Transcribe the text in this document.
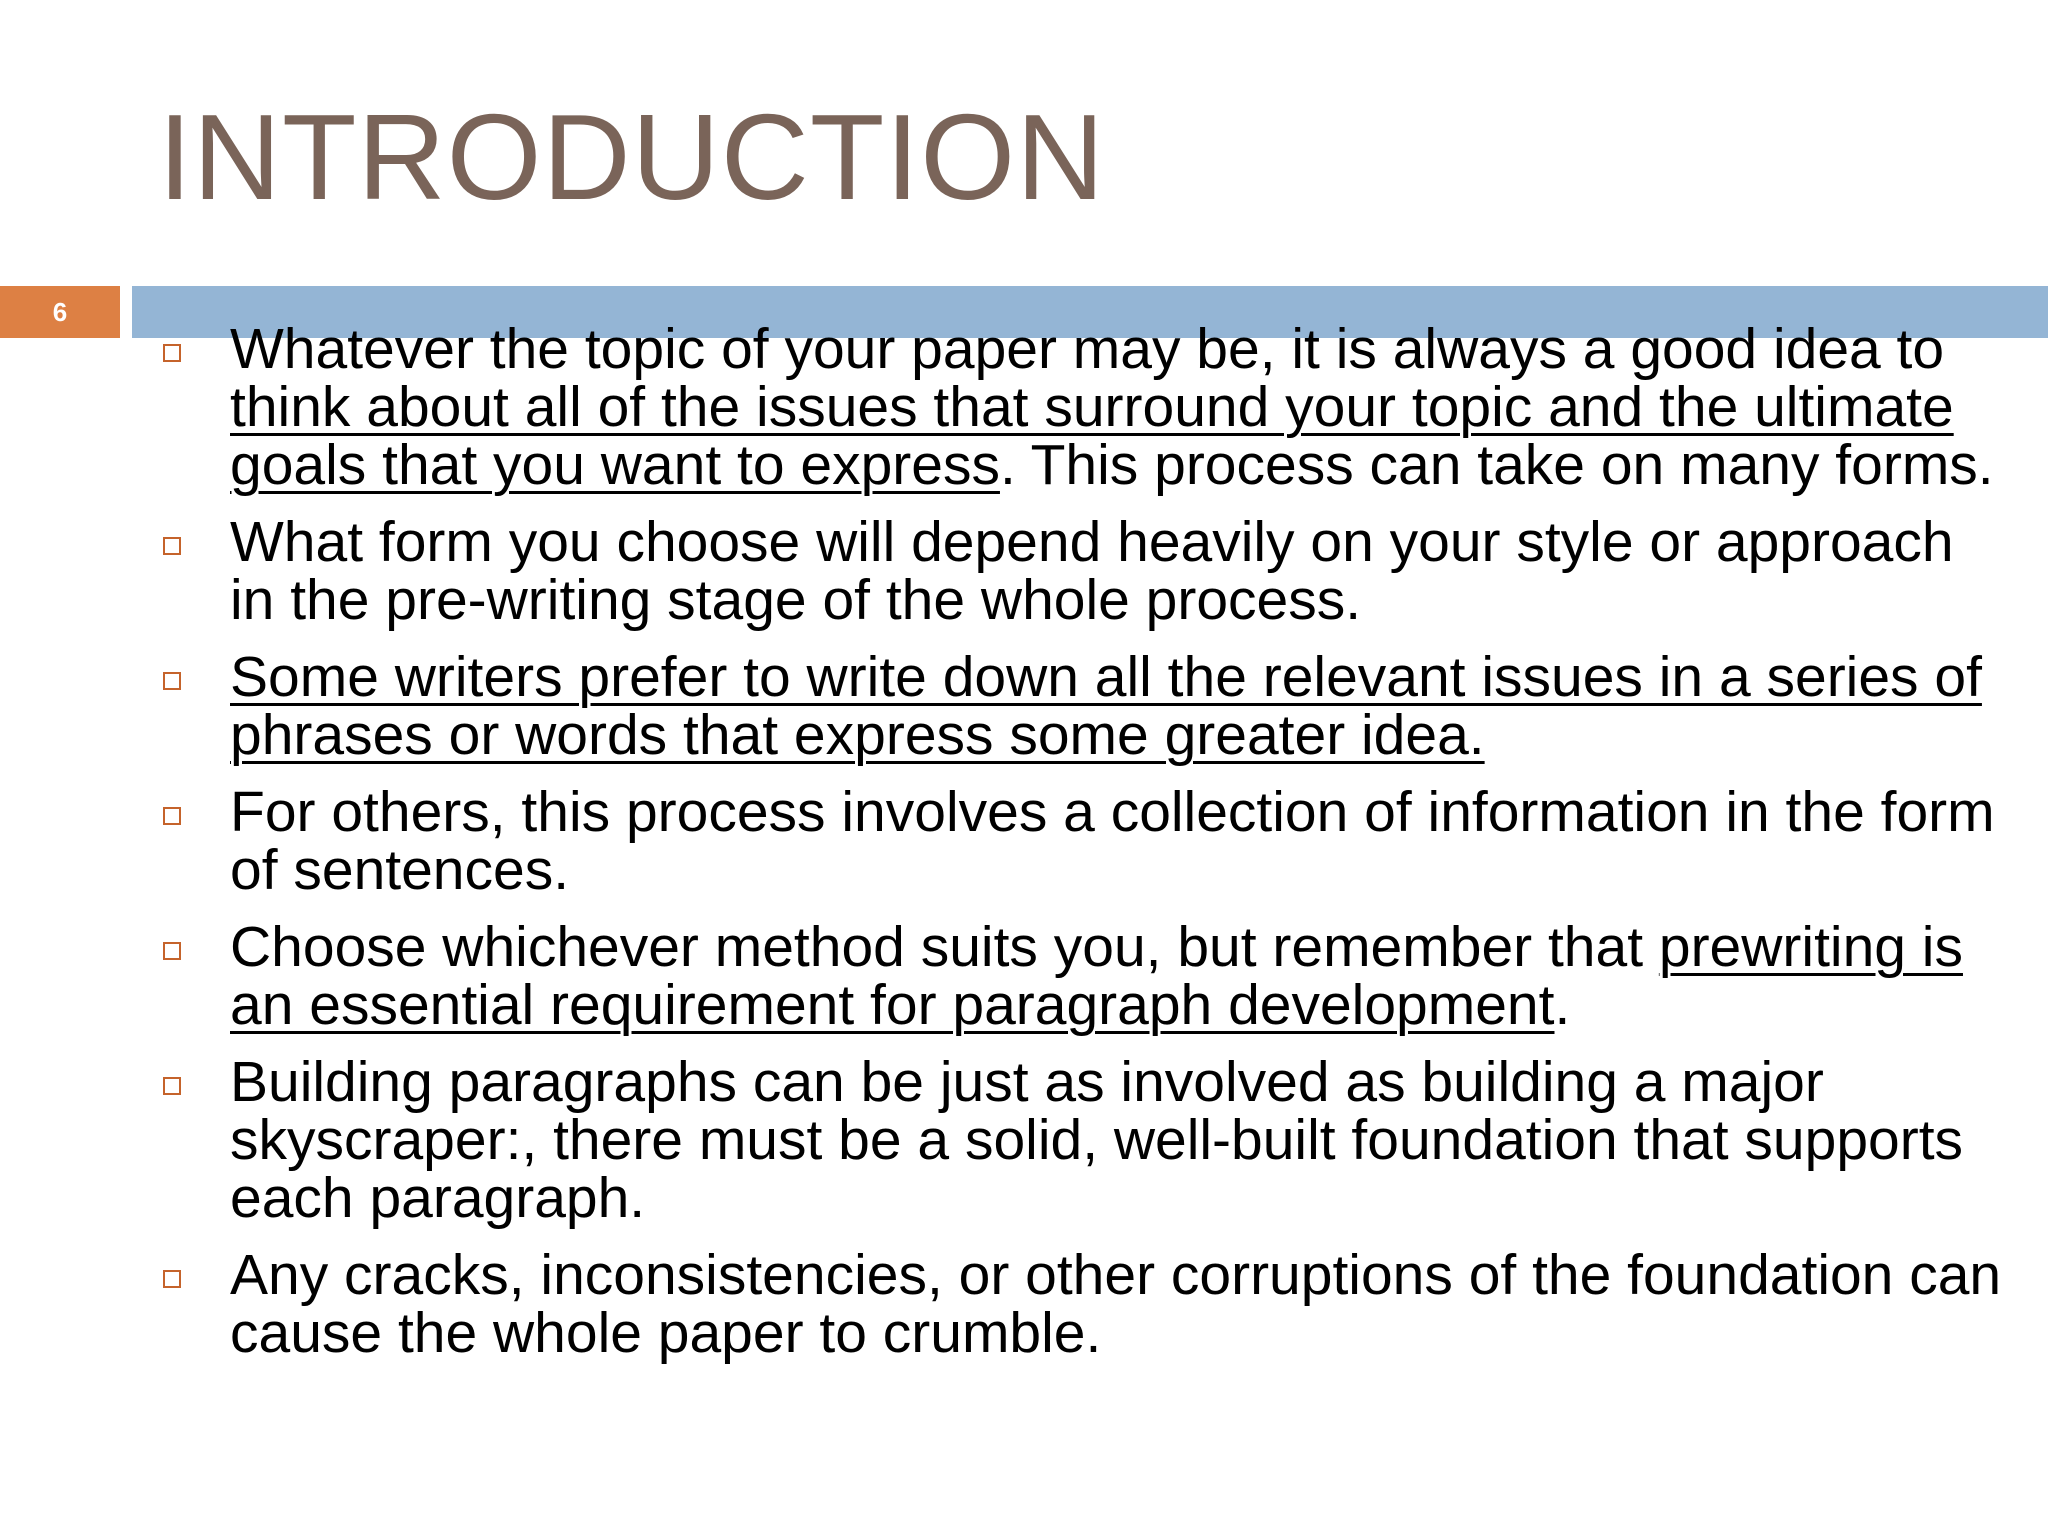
INTRODUCTION
6
Whatever the topic of your paper may be, it is always a good idea to think about all of the issues that surround your topic and the ultimate goals that you want to express. This process can take on many forms.
What form you choose will depend heavily on your style or approach in the pre-writing stage of the whole process.
Some writers prefer to write down all the relevant issues in a series of phrases or words that express some greater idea.
For others, this process involves a collection of information in the form of sentences.
Choose whichever method suits you, but remember that prewriting is an essential requirement for paragraph development.
Building paragraphs can be just as involved as building a major skyscraper:, there must be a solid, well-built foundation that supports each paragraph.
Any cracks, inconsistencies, or other corruptions of the foundation can cause the whole paper to crumble.
